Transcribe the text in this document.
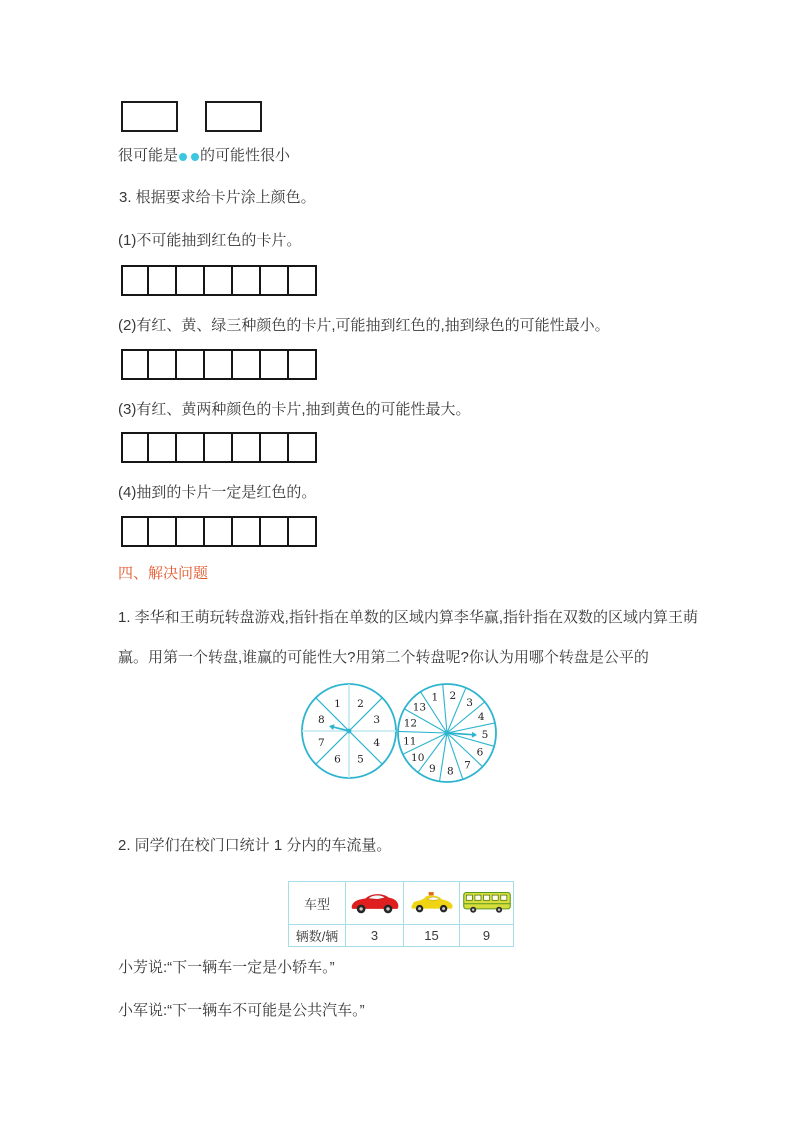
很可能是 的可能性很小
3. 根据要求给卡片涂上颜色。
(1)不可能抽到红色的卡片。
(2)有红、黄、绿三种颜色的卡片,可能抽到红色的,抽到绿色的可能性最小。
(3)有红、黄两种颜色的卡片,抽到黄色的可能性最大。
(4)抽到的卡片一定是红色的。
四、解决问题
1. 李华和王萌玩转盘游戏,指针指在单数的区域内算李华赢,指针指在双数的区域内算王萌
赢。用第一个转盘,谁赢的可能性大?用第二个转盘呢?你认为用哪个转盘是公平的
1 2
3
4
5
6
7
8
1 2
3
4
5
6
7
8
9
10
11
12
13
2. 同学们在校门口统计 1 分内的车流量。
车型			
辆数/辆	3	15	9
小芳说:“下一辆车一定是小轿车。”
小军说:“下一辆车不可能是公共汽车。”
